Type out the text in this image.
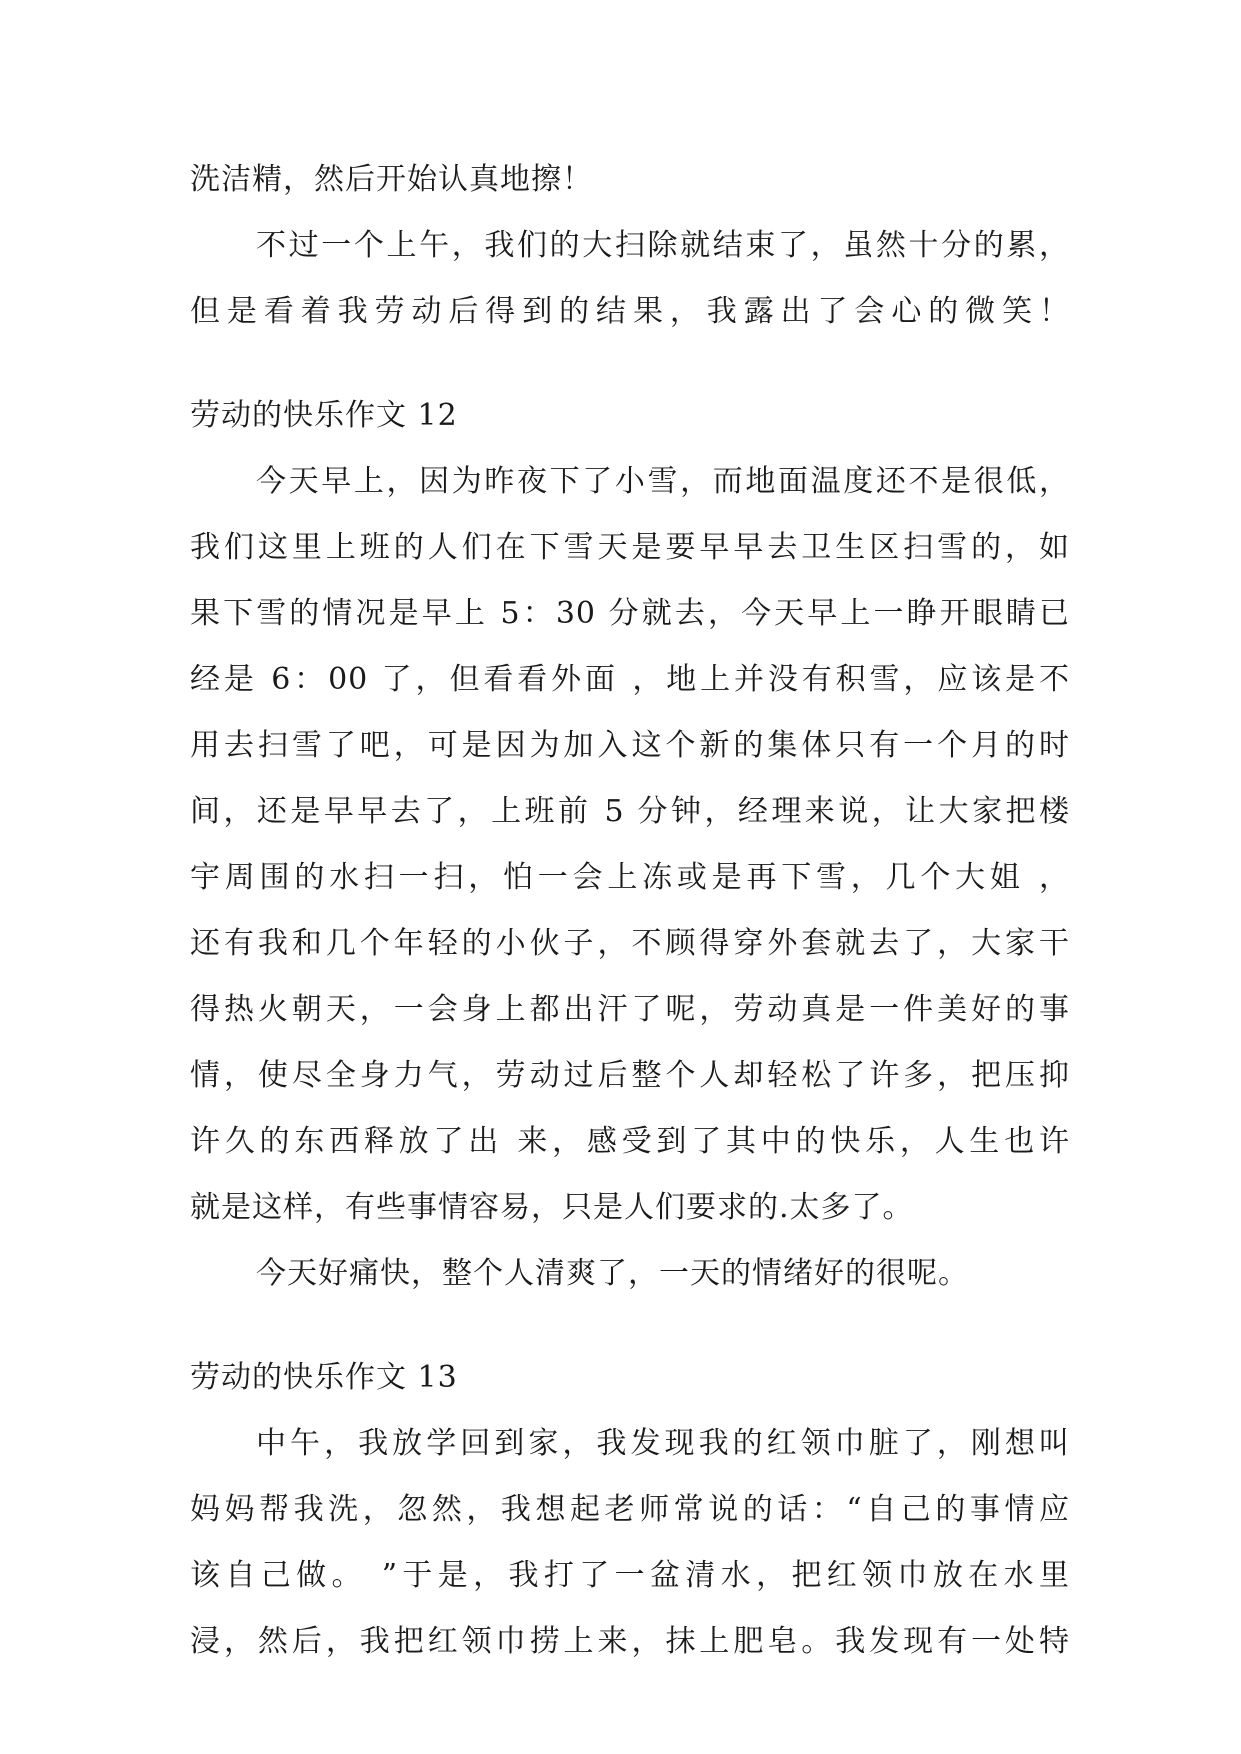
洗洁精，然后开始认真地擦！
不过一个上午，我们的大扫除就结束了，虽然十分的累，
但是看着我劳动后得到的结果，我露出了会心的微笑！
劳动的快乐作文 12
今天早上，因为昨夜下了小雪，而地面温度还不是很低，
我们这里上班的人们在下雪天是要早早去卫生区扫雪的，如
果下雪的情况是早上 5：30 分就去，今天早上一睁开眼睛已
经是 6：00 了，但看看外面 ，地上并没有积雪，应该是不
用去扫雪了吧，可是因为加入这个新的集体只有一个月的时
间，还是早早去了，上班前 5 分钟，经理来说，让大家把楼
宇周围的水扫一扫，怕一会上冻或是再下雪，几个大姐 ，
还有我和几个年轻的小伙子，不顾得穿外套就去了，大家干
得热火朝天，一会身上都出汗了呢，劳动真是一件美好的事
情，使尽全身力气，劳动过后整个人却轻松了许多，把压抑
许久的东西释放了出 来，感受到了其中的快乐，人生也许
就是这样，有些事情容易，只是人们要求的.太多了。
今天好痛快，整个人清爽了，一天的情绪好的很呢。
劳动的快乐作文 13
中午，我放学回到家，我发现我的红领巾脏了，刚想叫
妈妈帮我洗，忽然，我想起老师常说的话：“自己的事情应
该自己做。 ”于是，我打了一盆清水，把红领巾放在水里
浸，然后，我把红领巾捞上来，抹上肥皂。我发现有一处特
